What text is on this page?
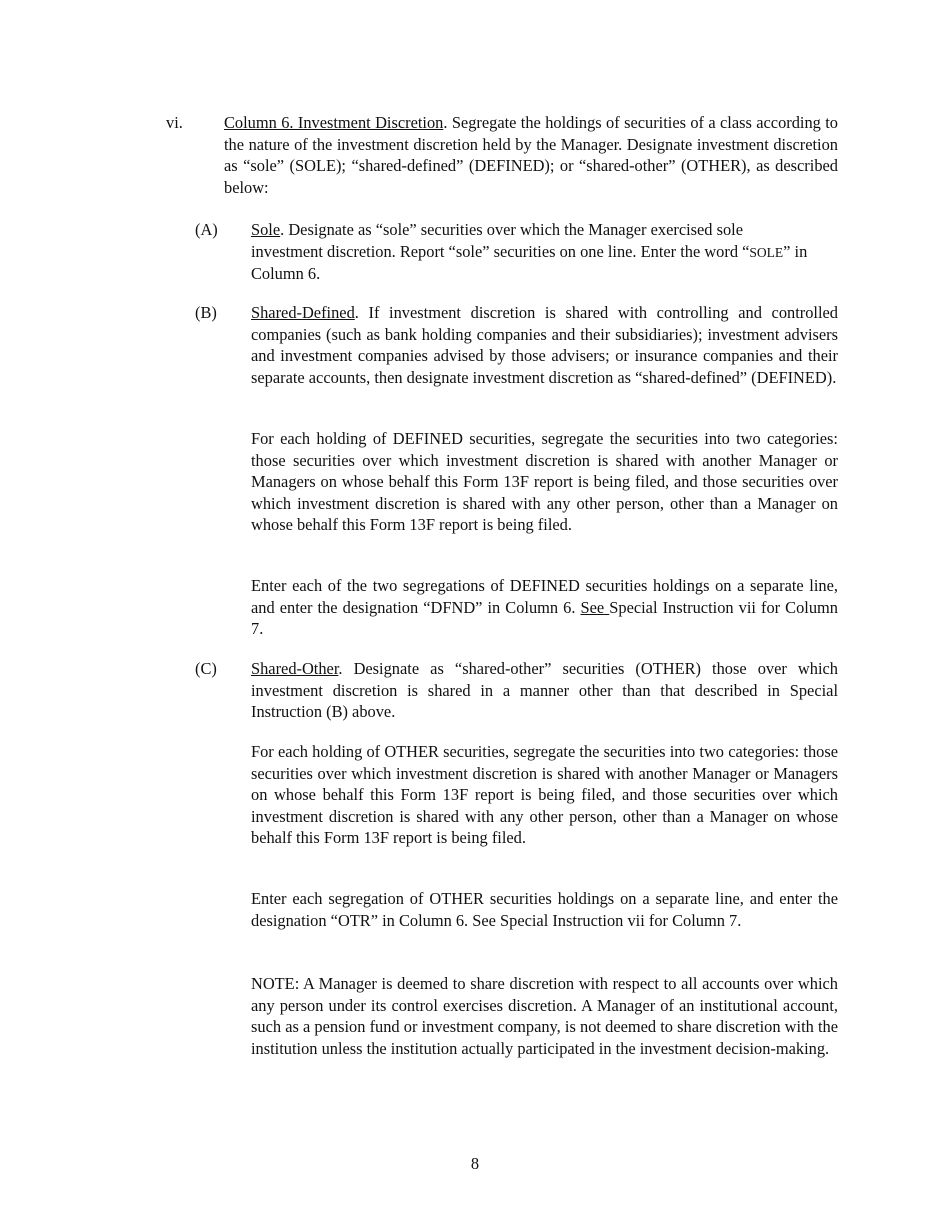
vi.	Column 6. Investment Discretion. Segregate the holdings of securities of a class according to the nature of the investment discretion held by the Manager. Designate investment discretion as “sole” (SOLE); “shared-defined” (DEFINED); or “shared-other” (OTHER), as described below:

(A) Sole. Designate as “sole” securities over which the Manager exercised sole investment discretion. Report “sole” securities on one line. Enter the word “SOLE” in Column 6.

(B) Shared-Defined. If investment discretion is shared with controlling and controlled companies (such as bank holding companies and their subsidiaries); investment advisers and investment companies advised by those advisers; or insurance companies and their separate accounts, then designate investment discretion as “shared-defined” (DEFINED).

For each holding of DEFINED securities, segregate the securities into two categories: those securities over which investment discretion is shared with another Manager or Managers on whose behalf this Form 13F report is being filed, and those securities over which investment discretion is shared with any other person, other than a Manager on whose behalf this Form 13F report is being filed.

Enter each of the two segregations of DEFINED securities holdings on a separate line, and enter the designation “DFND” in Column 6. See Special Instruction vii for Column 7.

(C) Shared-Other. Designate as “shared-other” securities (OTHER) those over which investment discretion is shared in a manner other than that described in Special Instruction (B) above.

For each holding of OTHER securities, segregate the securities into two categories: those securities over which investment discretion is shared with another Manager or Managers on whose behalf this Form 13F report is being filed, and those securities over which investment discretion is shared with any other person, other than a Manager on whose behalf this Form 13F report is being filed.

Enter each segregation of OTHER securities holdings on a separate line, and enter the designation “OTR” in Column 6. See Special Instruction vii for Column 7.

NOTE: A Manager is deemed to share discretion with respect to all accounts over which any person under its control exercises discretion. A Manager of an institutional account, such as a pension fund or investment company, is not deemed to share discretion with the institution unless the institution actually participated in the investment decision-making.

8
